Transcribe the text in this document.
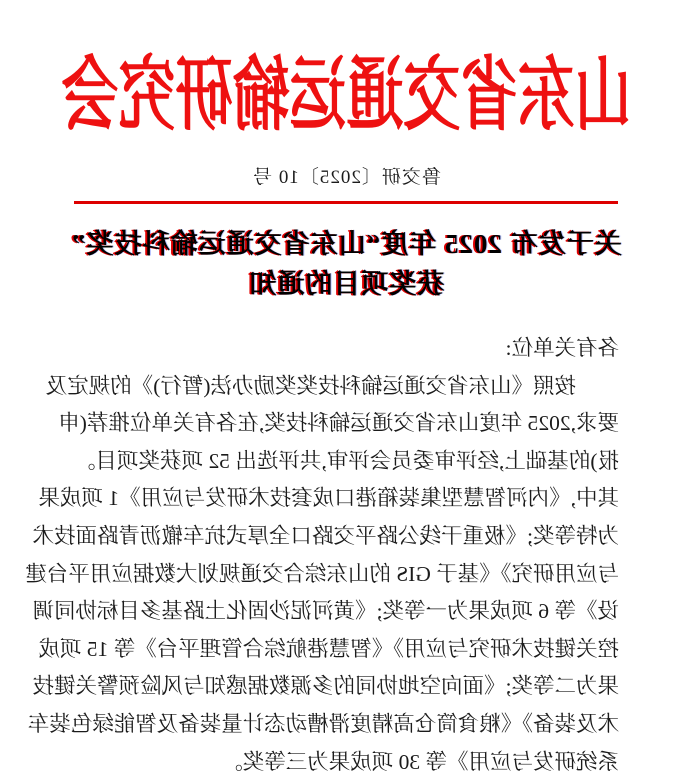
山东省交通运输研究会
鲁交研〔2025〕10 号
关于发布 2025 年度“山东省交通运输科技奖”
获奖项目的通知
各有关单位:
按照《山东省交通运输科技奖奖励办法(暂行)》的规定及
要求,2025 年度山东省交通运输科技奖,在各有关单位推荐(申
报)的基础上,经评审委员会评审,共评选出 52 项获奖项目。
其中,《内河智慧型集装箱港口成套技术研发与应用》1 项成果
为特等奖;《极重干线公路平交路口全厚式抗车辙沥青路面技术
与应用研究》《基于 GIS 的山东综合交通规划大数据应用平台建
设》等 6 项成果为一等奖;《黄河泥沙固化土路基多目标协同调
控关键技术研究与应用》《智慧港航综合管理平台》等 15 项成
果为二等奖;《面向空地协同的多源数据感知与风险预警关键技
术及装备》《粮食筒仓高精度滑槽动态计量装备及智能绿色装车
系统研发与应用》等 30 项成果为三等奖。
